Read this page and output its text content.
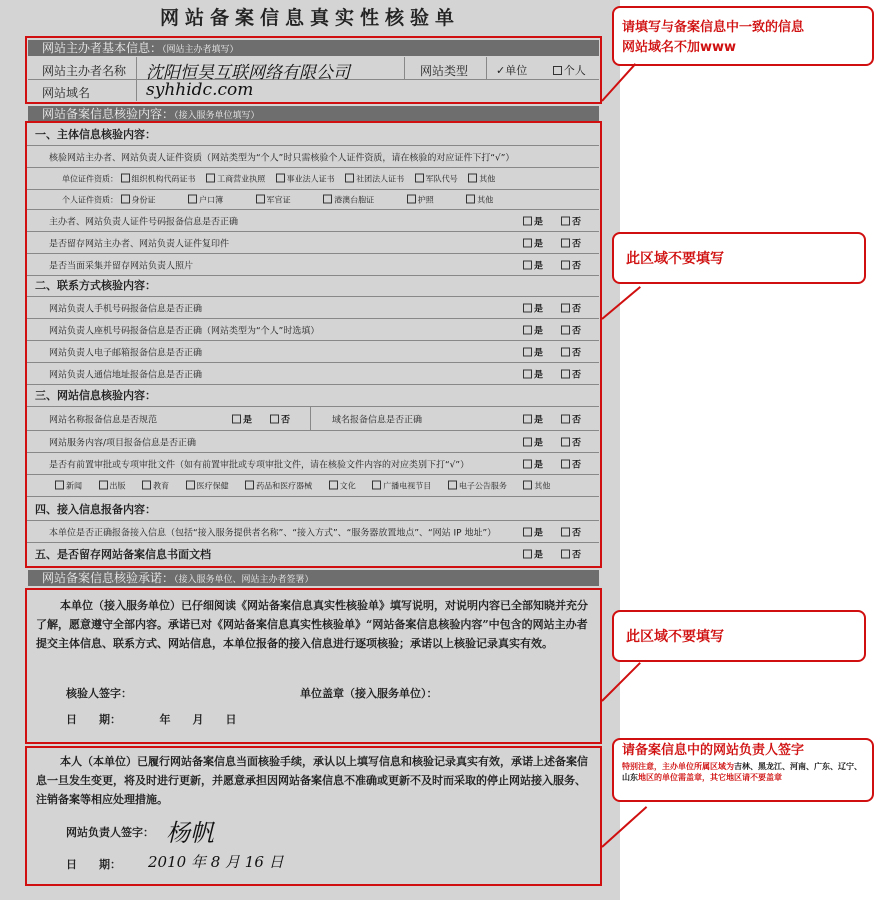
网站备案信息真实性核验单
网站主办者基本信息：（网站主办者填写）
网站主办者名称 沈阳恒昊互联网络有限公司	网站类型	✓单位	个人
网站域名	syhhidc.com
网站备案信息核验内容：（接入服务单位填写）
一、主体信息核验内容：
核验网站主办者、网站负责人证件资质（网站类型为“个人”时只需核验个人证件资质，请在核验的对应证件下打“√”）
单位证件资质： 组织机构代码证书	工商营业执照	事业法人证书	社团法人证书	军队代号	其他
个人证件资质： 身份证	户口簿	军官证	港澳台胞证	护照	其他
主办者、网站负责人证件号码报备信息是否正确	是	否
是否留存网站主办者、网站负责人证件复印件	是	否
是否当面采集并留存网站负责人照片	是	否
二、联系方式核验内容：
网站负责人手机号码报备信息是否正确	是	否
网站负责人座机号码报备信息是否正确（网站类型为“个人”时选填）	是	否
网站负责人电子邮箱报备信息是否正确	是	否
网站负责人通信地址报备信息是否正确	是	否
三、网站信息核验内容：
网站名称报备信息是否规范	是　　	否	域名报备信息是否正确	是	否
网站服务内容/项目报备信息是否正确	是	否
是否有前置审批或专项审批文件（如有前置审批或专项审批文件，请在核验文件内容的对应类别下打“√”）	是	否
新闻	出版	教育	医疗保健	药品和医疗器械	文化	广播电视节目	电子公告服务	其他
四、接入信息报备内容：
本单位是否正确报备接入信息（包括“接入服务提供者名称”、“接入方式”、“服务器放置地点”、“网站 IP 地址”）	是	否
五、是否留存网站备案信息书面文档	是	否
网站备案信息核验承诺：（接入服务单位、网站主办者签署）
本单位（接入服务单位）已仔细阅读《网站备案信息真实性核验单》填写说明，对说明内容已全部知晓并充分了解，愿意遵守全部内容。承诺已对《网站备案信息真实性核验单》“网站备案信息核验内容”中包含的网站主办者提交主体信息、联系方式、网站信息，本单位报备的接入信息进行逐项核验；承诺以上核验记录真实有效。
核验人签字：	单位盖章（接入服务单位）：
日　　期：　　　　年　　月　　日
本人（本单位）已履行网站备案信息当面核验手续，承认以上填写信息和核验记录真实有效，承诺上述备案信息一旦发生变更，将及时进行更新，并愿意承担因网站备案信息不准确或更新不及时而采取的停止网站接入服务、注销备案等相应处理措施。
网站负责人签字： 杨帆
日　　期： 2010 年 8 月 16 日
请填写与备案信息中一致的信息
网站域名不加www
此区域不要填写
此区域不要填写
请备案信息中的网站负责人签字
特别注意，主办单位所属区域为吉林、黑龙江、河南、广东、辽宁、山东地区的单位需盖章，其它地区请不要盖章
